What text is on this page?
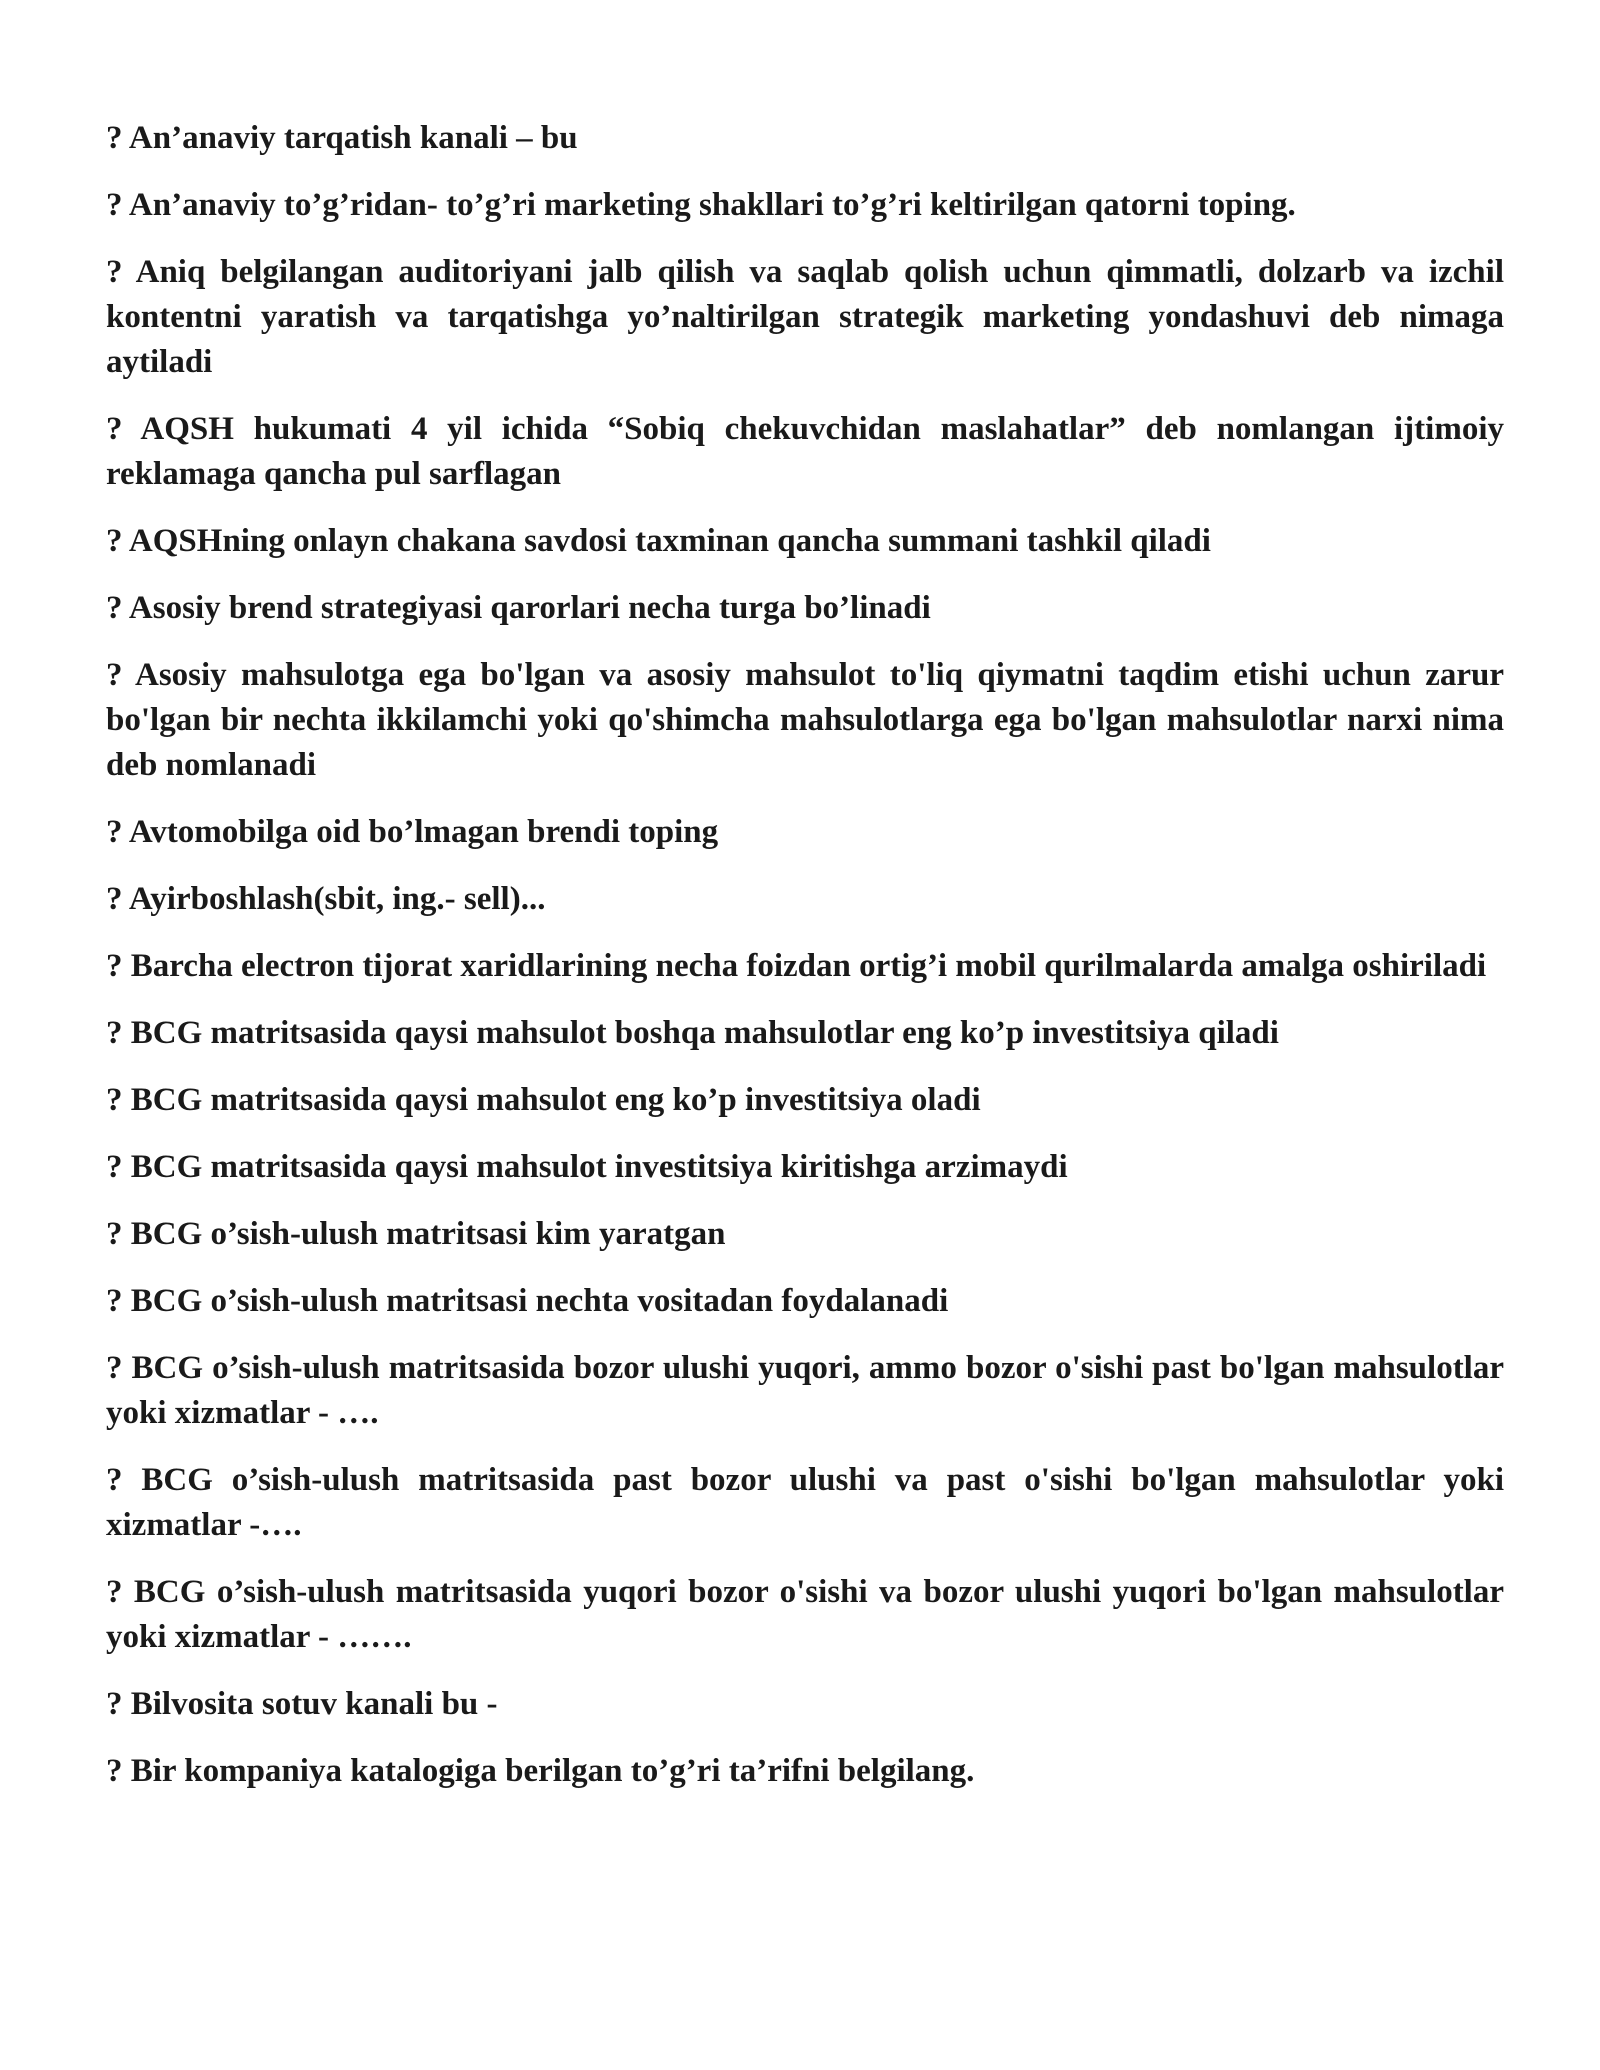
? An’anaviy tarqatish kanali – bu

? An’anaviy to’g’ridan- to’g’ri marketing shakllari to’g’ri keltirilgan qatorni toping.

? Aniq belgilangan auditoriyani jalb qilish va saqlab qolish uchun qimmatli, dolzarb va izchil kontentni yaratish va tarqatishga yo’naltirilgan strategik marketing yondashuvi deb nimaga aytiladi

? AQSH hukumati 4 yil ichida “Sobiq chekuvchidan maslahatlar” deb nomlangan ijtimoiy reklamaga qancha pul sarflagan

? AQSHning onlayn chakana savdosi taxminan qancha summani tashkil qiladi

? Asosiy brend strategiyasi qarorlari necha turga bo’linadi

? Asosiy mahsulotga ega bo'lgan va asosiy mahsulot to'liq qiymatni taqdim etishi uchun zarur bo'lgan bir nechta ikkilamchi yoki qo'shimcha mahsulotlarga ega bo'lgan mahsulotlar narxi nima deb nomlanadi

? Avtomobilga oid bo’lmagan brendi toping

? Ayirboshlash(sbit, ing.- sell)...

? Barcha electron tijorat xaridlarining necha foizdan ortig’i mobil qurilmalarda amalga oshiriladi

? BCG matritsasida qaysi mahsulot boshqa mahsulotlar eng ko’p investitsiya qiladi

? BCG matritsasida qaysi mahsulot eng ko’p investitsiya oladi

? BCG matritsasida qaysi mahsulot investitsiya kiritishga arzimaydi

? BCG o’sish-ulush matritsasi kim yaratgan

? BCG o’sish-ulush matritsasi nechta vositadan foydalanadi

? BCG o’sish-ulush matritsasida bozor ulushi yuqori, ammo bozor o'sishi past bo'lgan mahsulotlar yoki xizmatlar - ….

? BCG o’sish-ulush matritsasida past bozor ulushi va past o'sishi bo'lgan mahsulotlar yoki xizmatlar -….

? BCG o’sish-ulush matritsasida yuqori bozor o'sishi va bozor ulushi yuqori bo'lgan mahsulotlar yoki xizmatlar - …….

? Bilvosita sotuv kanali bu -

? Bir kompaniya katalogiga berilgan to’g’ri ta’rifni belgilang.
